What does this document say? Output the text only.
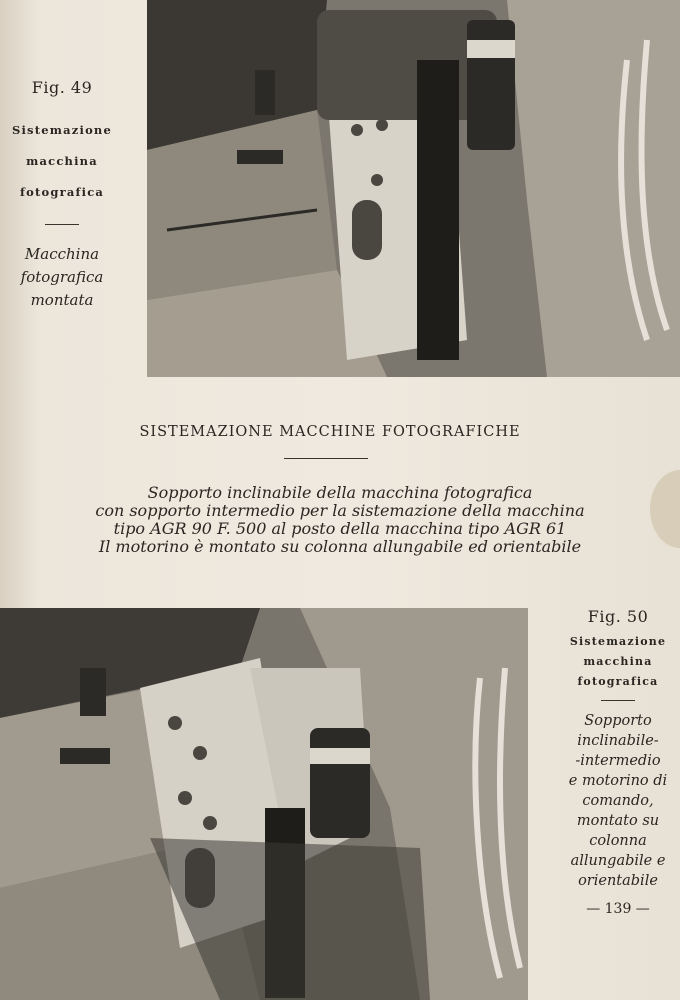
Fig. 49
Sistemazione
macchina
fotografica
Macchina
fotografica
montata
SISTEMAZIONE MACCHINE FOTOGRAFICHE
Sopporto inclinabile della macchina fotografica
con sopporto intermedio per la sistemazione della macchina
tipo AGR 90 F. 500 al posto della macchina tipo AGR 61
Il motorino è montato su colonna allungabile ed orientabile
Fig. 50
Sistemazione
macchina
fotografica
Sopporto
inclinabile-
-intermedio
e motorino di
comando,
montato su
colonna
allungabile e
orientabile
— 139 —
